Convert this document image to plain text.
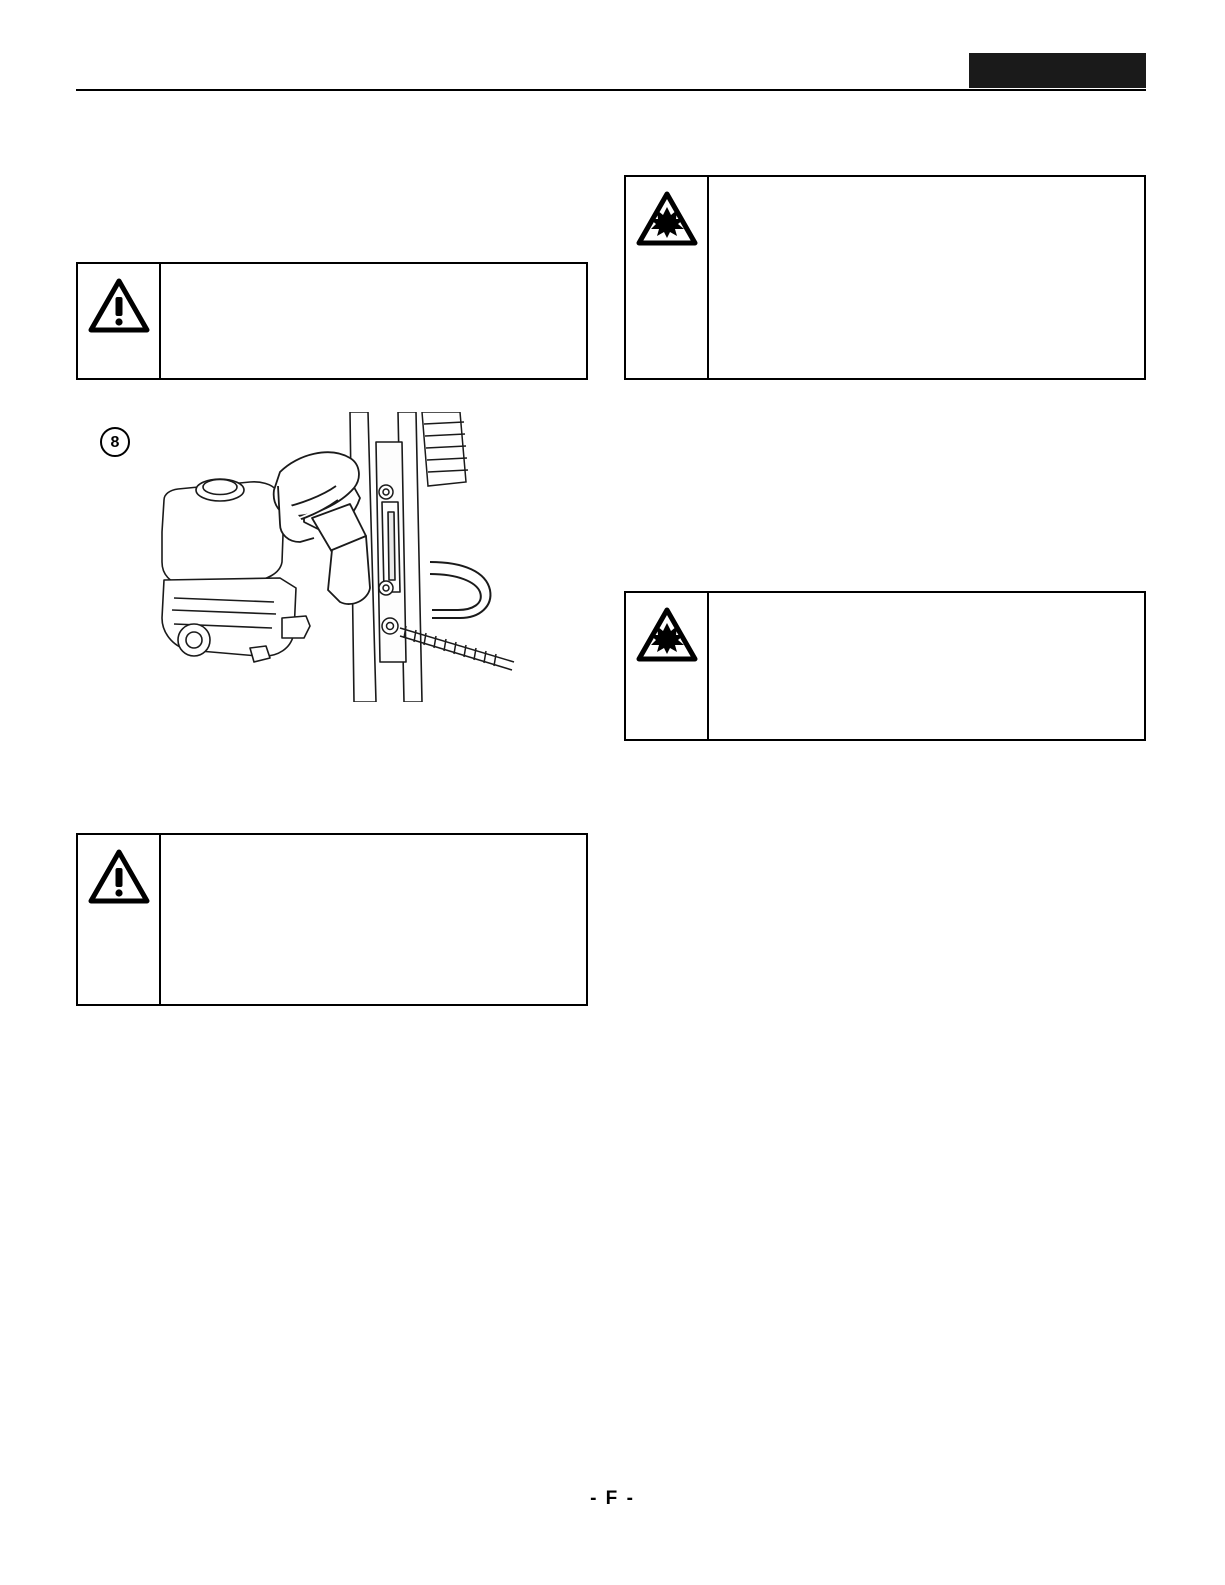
8
- F -
